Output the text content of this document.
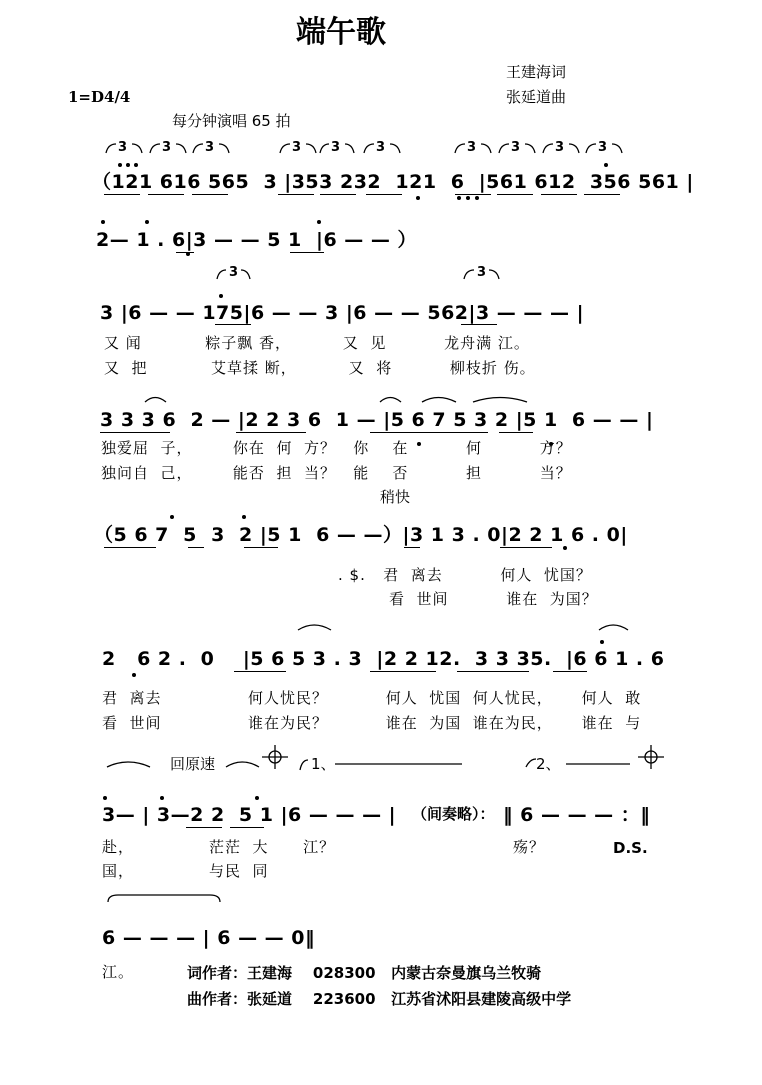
端午歌
王建海词
1=D4/4	张延道曲
每分钟演唱 65 拍
3	3	3	3 3	3	3	3	3	3
（121 616 565  3 |353 232  121  6  |561 612  356 561 |
2— 1 . 6|3 — — 5 1  |6 — — ）
3	3
3 |6 — — 175|6 — — 3 |6 — — 562|3 — — — |
又 闻           粽子飘 香，         又  见          龙舟满 江。
又  把           艾草揉 断，         又  将          柳枝折 伤。
3 3 3 6  2 — |2 2 3 6  1 — |5 6 7 5 3 2 |5 1  6 — — |
独爱屈  子，       你在  何  方？   你    在          何          方？
独问自  己，       能否  担  当？   能    否          担          当？
稍快
（5 6 7  5  3  2 |5 1  6 — —）|3 1 3 . 0|2 2 1 6 . 0|
. $.   君  离去          何人  忧国？
看  世间          谁在  为国？
2   6 2 .  0    |5 6 5 3 . 3  |2 2 12.  3 3 35.  |6 6 1 . 6
君  离去               何人忧民？          何人  忧国  何人忧民，     何人  敢
看  世间               谁在为民？          谁在  为国  谁在为民，     谁在  与
回原速	1、	2、
3— | 3—2 2  5 1 |6 — — — | （间奏略）： ‖ 6 — — — ：‖
赴，             茫茫  大      江？	殇？	D.S.
国，             与民  同
6 — — — | 6 — — 0‖
江。	词作者：王建海    028300   内蒙古奈曼旗乌兰牧骑
曲作者：张延道    223600   江苏省沭阳县建陵高级中学
